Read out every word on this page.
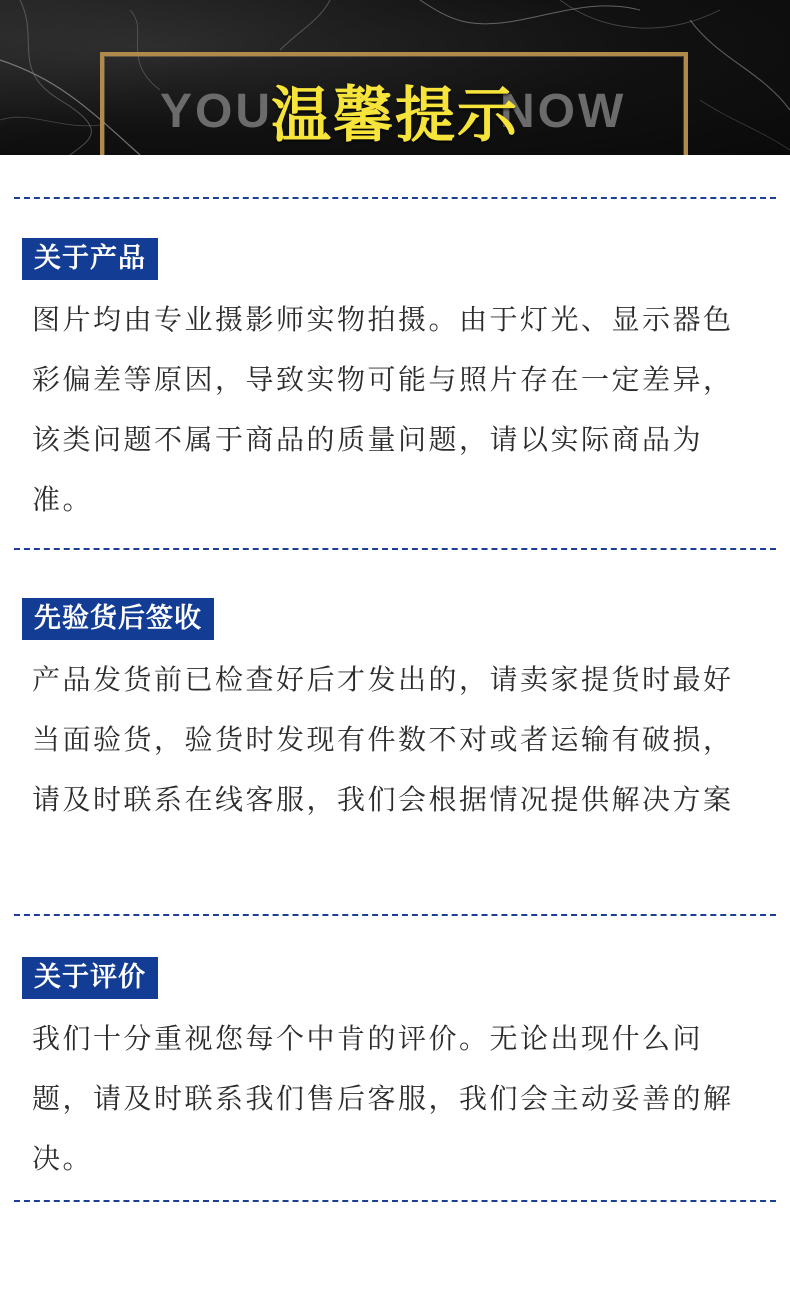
YOU	NOW
温馨提示
关于产品

图片均由专业摄影师实物拍摄。由于灯光、显示器色彩偏差等原因，导致实物可能与照片存在一定差异，该类问题不属于商品的质量问题，请以实际商品为准。

先验货后签收

产品发货前已检查好后才发出的，请卖家提货时最好当面验货，验货时发现有件数不对或者运输有破损，请及时联系在线客服，我们会根据情况提供解决方案

关于评价

我们十分重视您每个中肯的评价。无论出现什么问题，请及时联系我们售后客服，我们会主动妥善的解决。
